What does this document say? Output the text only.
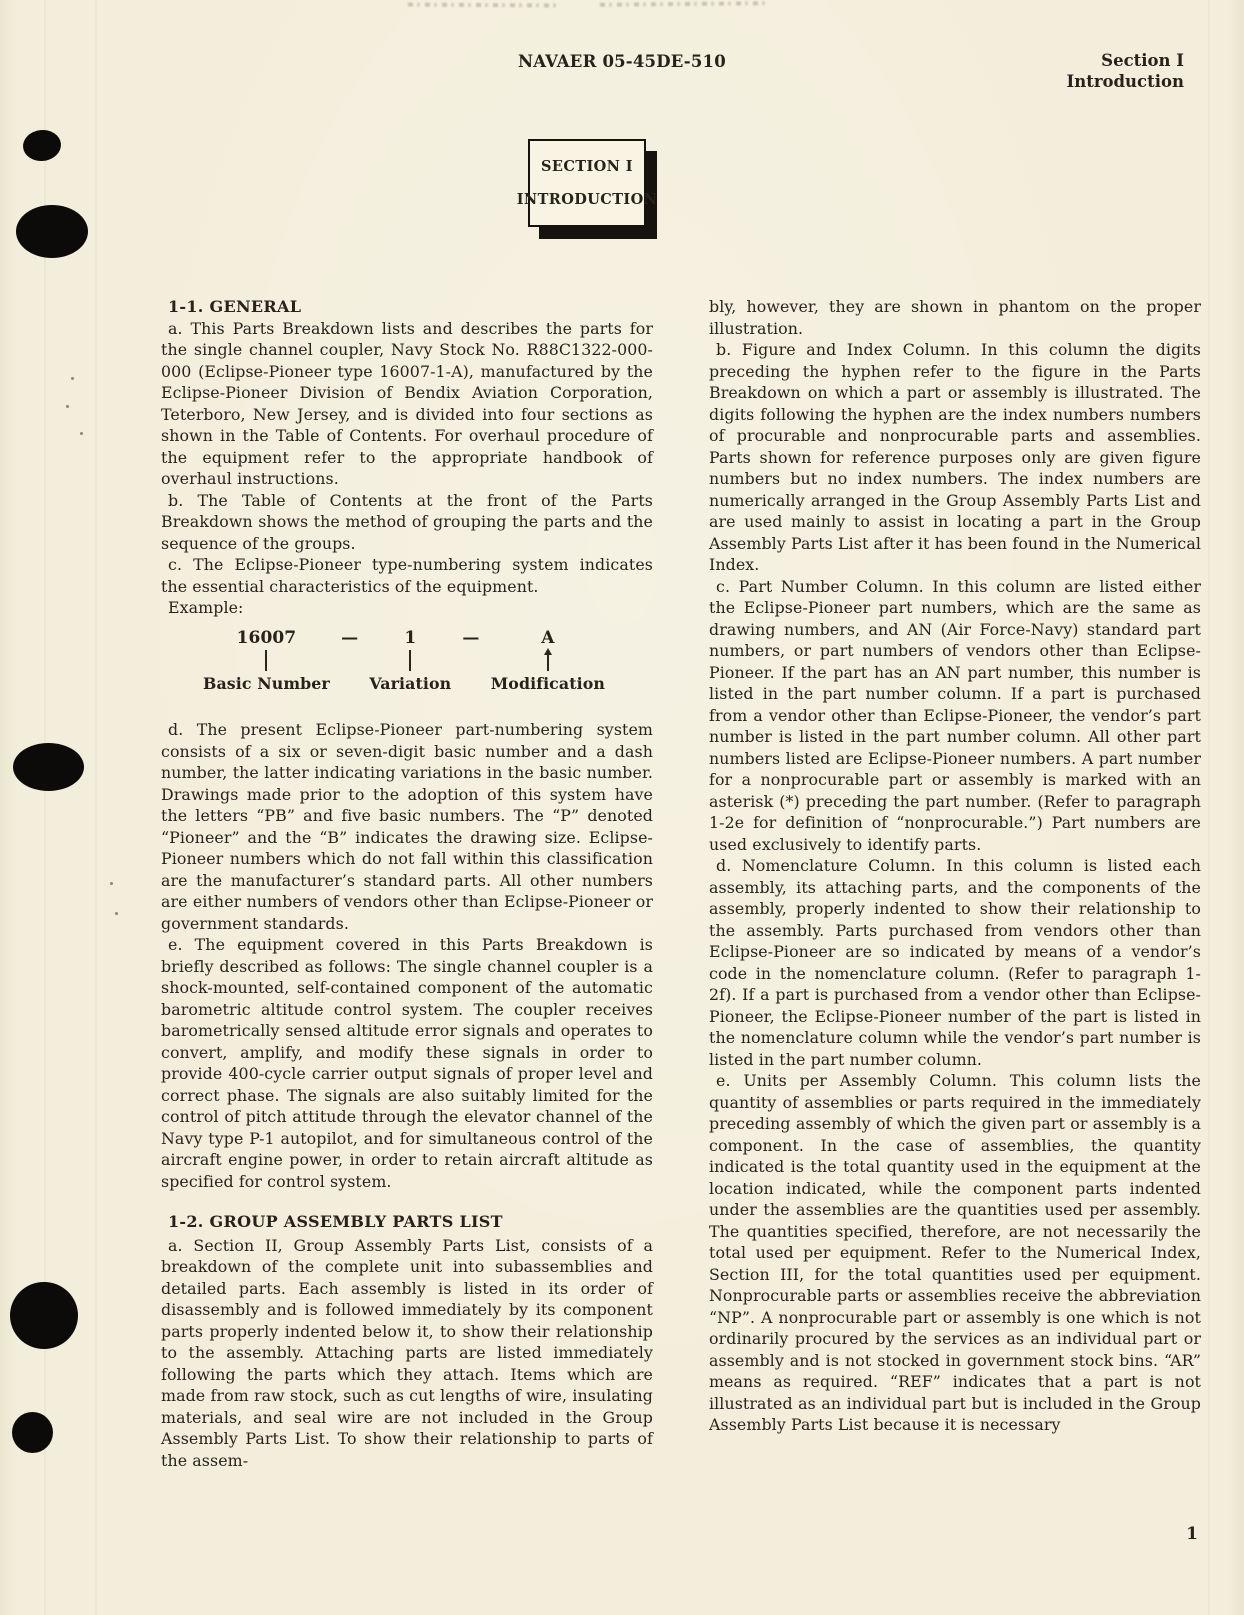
NAVAER 05-45DE-510	Section I
Introduction
SECTION I
INTRODUCTION

1-1. GENERAL

a. This Parts Breakdown lists and describes the parts for the single channel coupler, Navy Stock No. R88C1322-000-000 (Eclipse-Pioneer type 16007-1-A), manufactured by the Eclipse-Pioneer Division of Bendix Aviation Corporation, Teterboro, New Jersey, and is divided into four sections as shown in the Table of Contents. For overhaul procedure of the equipment refer to the appropriate handbook of overhaul instructions.

b. The Table of Contents at the front of the Parts Breakdown shows the method of grouping the parts and the sequence of the groups.

c. The Eclipse-Pioneer type-numbering system indicates the essential characteristics of the equipment.

Example:

16007
Basic Number
—	1
Variation
—	A
Modification

d. The present Eclipse-Pioneer part-numbering system consists of a six or seven-digit basic number and a dash number, the latter indicating variations in the basic number. Drawings made prior to the adoption of this system have the letters “PB” and five basic numbers. The “P” denoted “Pioneer” and the “B” indicates the drawing size. Eclipse-Pioneer numbers which do not fall within this classification are the manufacturer’s standard parts. All other numbers are either numbers of vendors other than Eclipse-Pioneer or government standards.

e. The equipment covered in this Parts Breakdown is briefly described as follows: The single channel coupler is a shock-mounted, self-contained component of the automatic barometric altitude control system. The coupler receives barometrically sensed altitude error signals and operates to convert, amplify, and modify these signals in order to provide 400-cycle carrier output signals of proper level and correct phase. The signals are also suitably limited for the control of pitch attitude through the elevator channel of the Navy type P-1 autopilot, and for simultaneous control of the aircraft engine power, in order to retain aircraft altitude as specified for control system.

1-2. GROUP ASSEMBLY PARTS LIST

a. Section II, Group Assembly Parts List, consists of a breakdown of the complete unit into subassemblies and detailed parts. Each assembly is listed in its order of disassembly and is followed immediately by its component parts properly indented below it, to show their relationship to the assembly. Attaching parts are listed immediately following the parts which they attach. Items which are made from raw stock, such as cut lengths of wire, insulating materials, and seal wire are not included in the Group Assembly Parts List. To show their relationship to parts of the assem-

bly, however, they are shown in phantom on the proper illustration.

b. Figure and Index Column. In this column the digits preceding the hyphen refer to the figure in the Parts Breakdown on which a part or assembly is illustrated. The digits following the hyphen are the index numbers numbers of procurable and nonprocurable parts and assemblies. Parts shown for reference purposes only are given figure numbers but no index numbers. The index numbers are numerically arranged in the Group Assembly Parts List and are used mainly to assist in locating a part in the Group Assembly Parts List after it has been found in the Numerical Index.

c. Part Number Column. In this column are listed either the Eclipse-Pioneer part numbers, which are the same as drawing numbers, and AN (Air Force-Navy) standard part numbers, or part numbers of vendors other than Eclipse-Pioneer. If the part has an AN part number, this number is listed in the part number column. If a part is purchased from a vendor other than Eclipse-Pioneer, the vendor’s part number is listed in the part number column. All other part numbers listed are Eclipse-Pioneer numbers. A part number for a nonprocurable part or assembly is marked with an asterisk (*) preceding the part number. (Refer to paragraph 1-2e for definition of “nonprocurable.”) Part numbers are used exclusively to identify parts.

d. Nomenclature Column. In this column is listed each assembly, its attaching parts, and the components of the assembly, properly indented to show their relationship to the assembly. Parts purchased from vendors other than Eclipse-Pioneer are so indicated by means of a vendor’s code in the nomenclature column. (Refer to paragraph 1-2f). If a part is purchased from a vendor other than Eclipse-Pioneer, the Eclipse-Pioneer number of the part is listed in the nomenclature column while the vendor’s part number is listed in the part number column.

e. Units per Assembly Column. This column lists the quantity of assemblies or parts required in the immediately preceding assembly of which the given part or assembly is a component. In the case of assemblies, the quantity indicated is the total quantity used in the equipment at the location indicated, while the component parts indented under the assemblies are the quantities used per assembly. The quantities specified, therefore, are not necessarily the total used per equipment. Refer to the Numerical Index, Section III, for the total quantities used per equipment. Nonprocurable parts or assemblies receive the abbreviation “NP”. A nonprocurable part or assembly is one which is not ordinarily procured by the services as an individual part or assembly and is not stocked in government stock bins. “AR” means as required. “REF” indicates that a part is not illustrated as an individual part but is included in the Group Assembly Parts List because it is necessary

1
